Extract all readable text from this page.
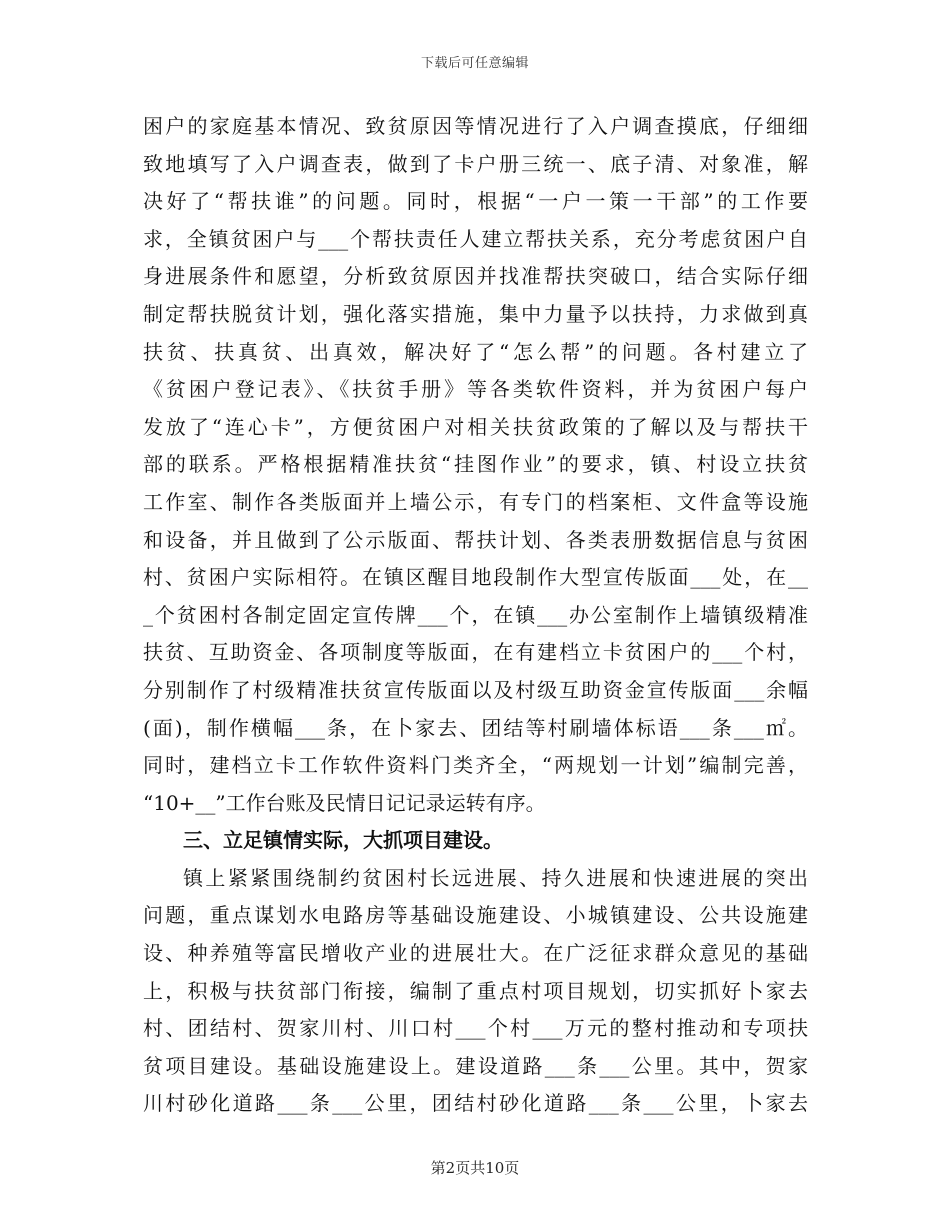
下载后可任意编辑
困户的家庭基本情况、致贫原因等情况进行了入户调查摸底，仔细细
致地填写了入户调查表，做到了卡户册三统一、底子清、对象准，解
决好了“帮扶谁”的问题。同时，根据“一户一策一干部”的工作要
求，全镇贫困户与___个帮扶责任人建立帮扶关系，充分考虑贫困户自
身进展条件和愿望，分析致贫原因并找准帮扶突破口，结合实际仔细
制定帮扶脱贫计划，强化落实措施，集中力量予以扶持，力求做到真
扶贫、扶真贫、出真效，解决好了“怎么帮”的问题。各村建立了
《贫困户登记表》、《扶贫手册》等各类软件资料，并为贫困户每户
发放了“连心卡”，方便贫困户对相关扶贫政策的了解以及与帮扶干
部的联系。严格根据精准扶贫“挂图作业”的要求，镇、村设立扶贫
工作室、制作各类版面并上墙公示，有专门的档案柜、文件盒等设施
和设备，并且做到了公示版面、帮扶计划、各类表册数据信息与贫困
村、贫困户实际相符。在镇区醒目地段制作大型宣传版面___处，在__
_个贫困村各制定固定宣传牌___个，在镇___办公室制作上墙镇级精准
扶贫、互助资金、各项制度等版面，在有建档立卡贫困户的___个村，
分别制作了村级精准扶贫宣传版面以及村级互助资金宣传版面___余幅
(面)，制作横幅___条，在卜家去、团结等村刷墙体标语___条___㎡。
同时，建档立卡工作软件资料门类齐全，“两规划一计划”编制完善，
“10+__”工作台账及民情日记记录运转有序。
三、立足镇情实际，大抓项目建设。
镇上紧紧围绕制约贫困村长远进展、持久进展和快速进展的突出
问题，重点谋划水电路房等基础设施建设、小城镇建设、公共设施建
设、种养殖等富民增收产业的进展壮大。在广泛征求群众意见的基础
上，积极与扶贫部门衔接，编制了重点村项目规划，切实抓好卜家去
村、团结村、贺家川村、川口村___个村___万元的整村推动和专项扶
贫项目建设。基础设施建设上。建设道路___条___公里。其中，贺家
川村砂化道路___条___公里，团结村砂化道路___条___公里，卜家去
第2页共10页
